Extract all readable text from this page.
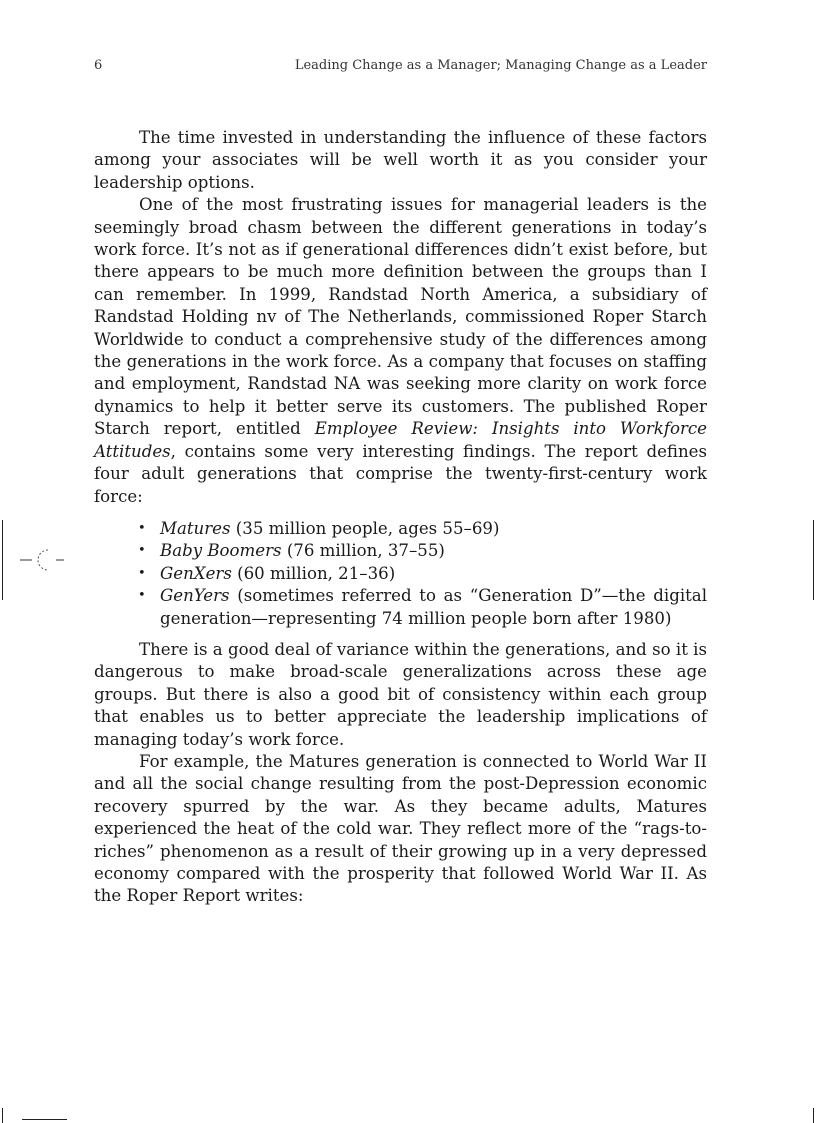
6	Leading Change as a Manager; Managing Change as a Leader

The time invested in understanding the influence of these factors among your associates will be well worth it as you consider your leadership options.

One of the most frustrating issues for managerial leaders is the seemingly broad chasm between the different generations in today’s work force. It’s not as if generational differences didn’t exist before, but there appears to be much more definition between the groups than I can remember. In 1999, Randstad North America, a subsidiary of Randstad Holding nv of The Netherlands, commissioned Roper Starch Worldwide to conduct a comprehensive study of the differences among the generations in the work force. As a company that focuses on staffing and employment, Randstad NA was seeking more clarity on work force dynamics to help it better serve its customers. The published Roper Starch report, entitled Employee Review: Insights into Workforce Attitudes, contains some very interesting findings. The report defines four adult generations that comprise the twenty-first-century work force:

• Matures (35 million people, ages 55–69)
• Baby Boomers (76 million, 37–55)
• GenXers (60 million, 21–36)
• GenYers (sometimes referred to as “Generation D”—the digital generation—representing 74 million people born after 1980)

There is a good deal of variance within the generations, and so it is dangerous to make broad-scale generalizations across these age groups. But there is also a good bit of consistency within each group that enables us to better appreciate the leadership implications of managing today’s work force.

For example, the Matures generation is connected to World War II and all the social change resulting from the post-Depression economic recovery spurred by the war. As they became adults, Matures experienced the heat of the cold war. They reflect more of the “rags-to-riches” phenomenon as a result of their growing up in a very depressed economy compared with the prosperity that followed World War II. As the Roper Report writes:
